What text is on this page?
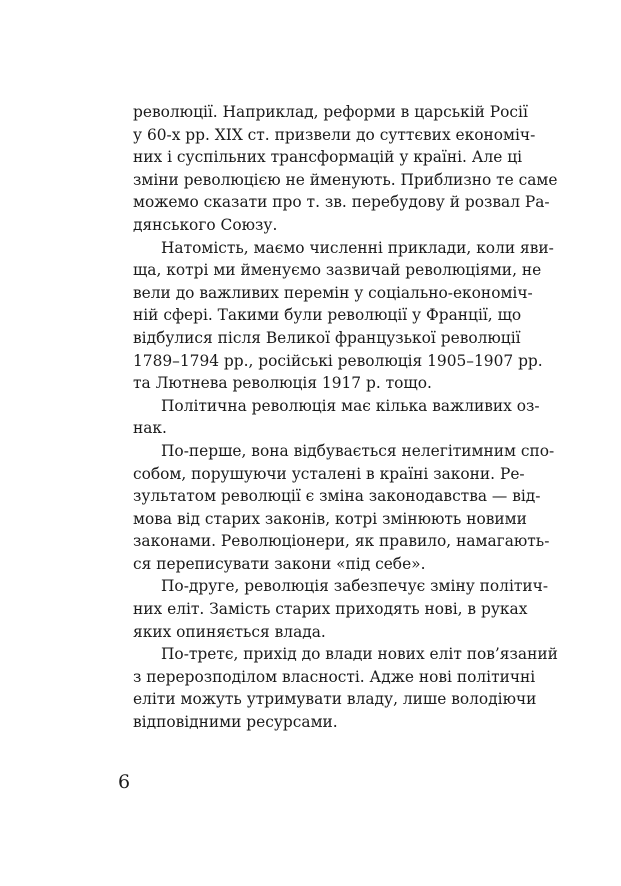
революції. Наприклад, реформи в царській Росії
у 60-х рр. XIX ст. призвели до суттєвих економіч-
них і суспільних трансформацій у країні. Але ці
зміни революцією не йменують. Приблизно те саме
можемо сказати про т. зв. перебудову й розвал Ра-
дянського Союзу.
Натомість, маємо численні приклади, коли яви-
ща, котрі ми йменуємо зазвичай революціями, не
вели до важливих перемін у соціально-економіч-
ній сфері. Такими були революції у Франції, що
відбулися після Великої французької революції
1789–1794 рр., російські революція 1905–1907 рр.
та Лютнева революція 1917 р. тощо.
Політична революція має кілька важливих оз-
нак.
По-перше, вона відбувається нелегітимним спо-
собом, порушуючи усталені в країні закони. Ре-
зультатом революції є зміна законодавства — від-
мова від старих законів, котрі змінюють новими
законами. Революціонери, як правило, намагають-
ся переписувати закони «під себе».
По-друге, революція забезпечує зміну політич-
них еліт. Замість старих приходять нові, в руках
яких опиняється влада.
По-третє, прихід до влади нових еліт пов’язаний
з перерозподілом власності. Адже нові політичні
еліти можуть утримувати владу, лише володіючи
відповідними ресурсами.
6
